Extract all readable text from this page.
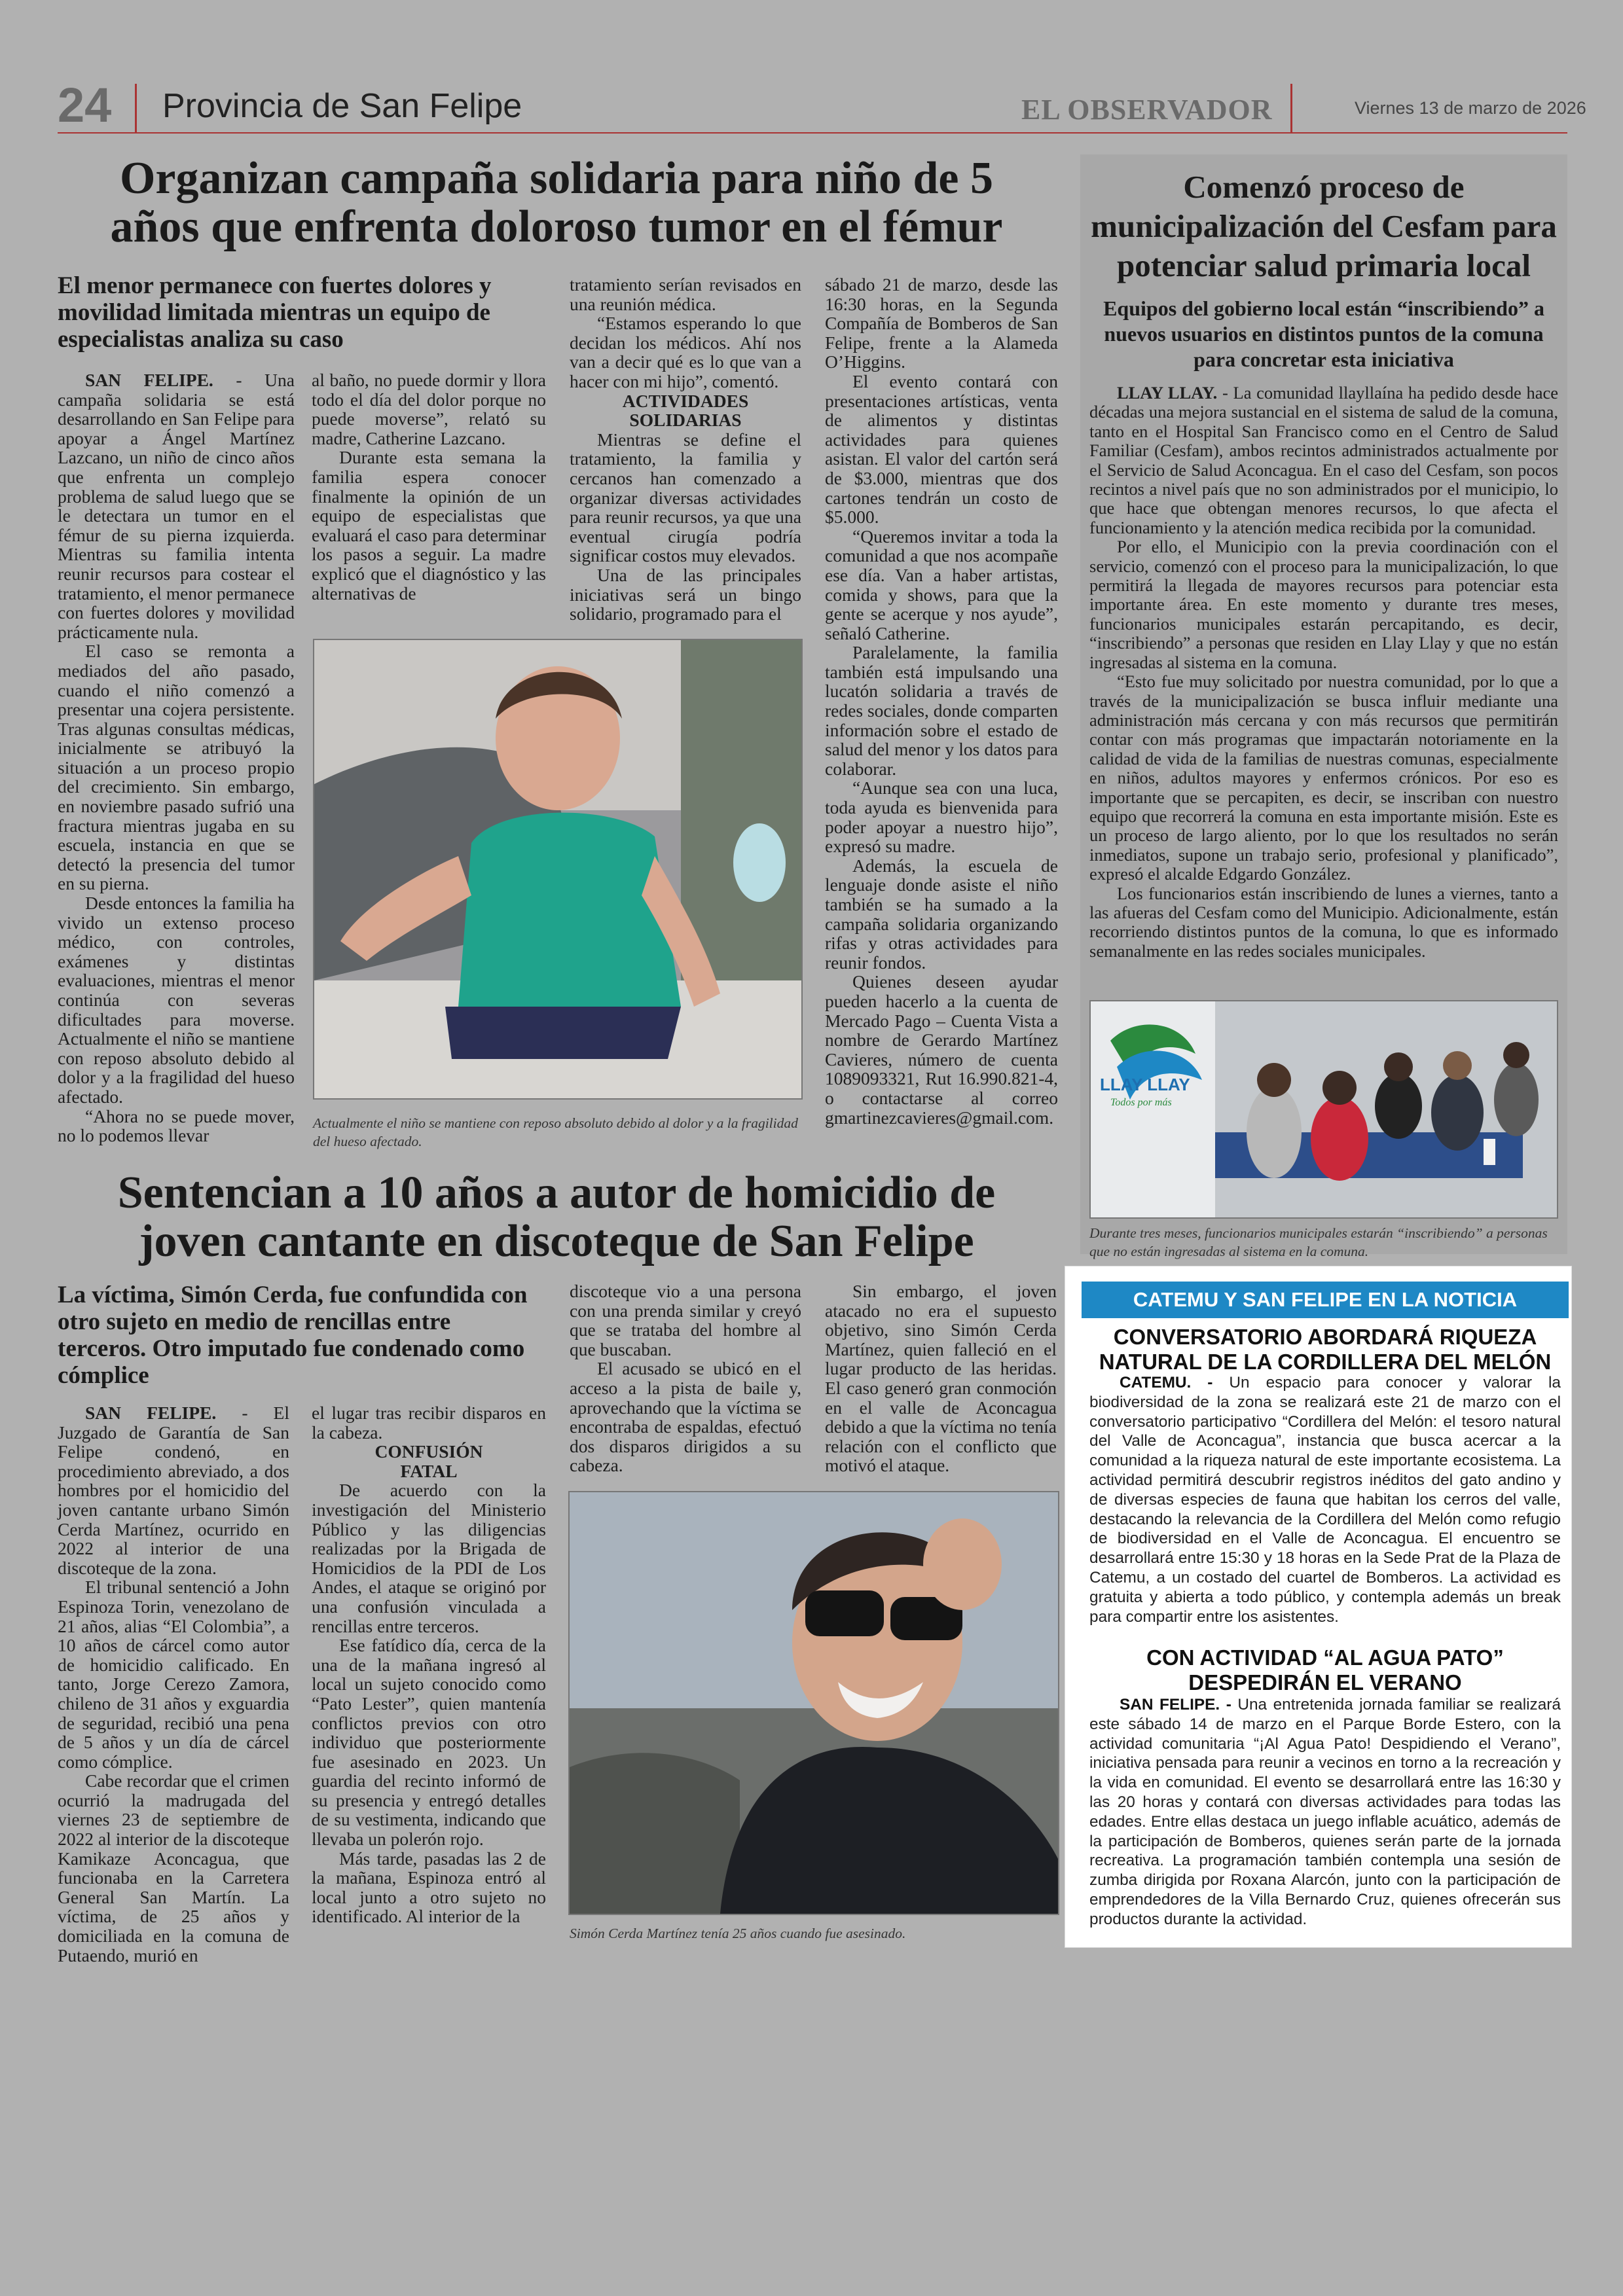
24 Provincia de San Felipe	EL OBSERVADOR	Viernes 13 de marzo de 2026
Organizan campaña solidaria para niño de 5 años que enfrenta doloroso tumor en el fémur
El menor permanece con fuertes dolores y movilidad limitada mientras un equipo de especialistas analiza su caso

SAN FELIPE. - Una campaña solidaria se está desarrollando en San Felipe para apoyar a Ángel Martínez Lazcano, un niño de cinco años que enfrenta un complejo problema de salud luego que se le detectara un tumor en el fémur de su pierna izquierda. Mientras su familia intenta reunir recursos para costear el tratamiento, el menor permanece con fuertes dolores y movilidad prácticamente nula.

El caso se remonta a mediados del año pasado, cuando el niño comenzó a presentar una cojera persistente. Tras algunas consultas médicas, inicialmente se atribuyó la situación a un proceso propio del crecimiento. Sin embargo, en noviembre pasado sufrió una fractura mientras jugaba en su escuela, instancia en que se detectó la presencia del tumor en su pierna.

Desde entonces la familia ha vivido un extenso proceso médico, con controles, exámenes y distintas evaluaciones, mientras el menor continúa con severas dificultades para moverse. Actualmente el niño se mantiene con reposo absoluto debido al dolor y a la fragilidad del hueso afectado.

“Ahora no se puede mover, no lo podemos llevar

al baño, no puede dormir y llora todo el día del dolor porque no puede moverse”, relató su madre, Catherine Lazcano.

Durante esta semana la familia espera conocer finalmente la opinión de un equipo de especialistas que evaluará el caso para determinar los pasos a seguir. La madre explicó que el diagnóstico y las alternativas de

tratamiento serían revisados en una reunión médica.

“Estamos esperando lo que decidan los médicos. Ahí nos van a decir qué es lo que van a hacer con mi hijo”, comentó.

ACTIVIDADES SOLIDARIAS

Mientras se define el tratamiento, la familia y cercanos han comenzado a organizar diversas actividades para reunir recursos, ya que una eventual cirugía podría significar costos muy elevados.

Una de las principales iniciativas será un bingo solidario, programado para el

sábado 21 de marzo, desde las 16:30 horas, en la Segunda Compañía de Bomberos de San Felipe, frente a la Alameda O’Higgins.

El evento contará con presentaciones artísticas, venta de alimentos y distintas actividades para quienes asistan. El valor del cartón será de $3.000, mientras que dos cartones tendrán un costo de $5.000.

“Queremos invitar a toda la comunidad a que nos acompañe ese día. Van a haber artistas, comida y shows, para que la gente se acerque y nos ayude”, señaló Catherine.

Paralelamente, la familia también está impulsando una lucatón solidaria a través de redes sociales, donde comparten información sobre el estado de salud del menor y los datos para colaborar.

“Aunque sea con una luca, toda ayuda es bienvenida para poder apoyar a nuestro hijo”, expresó su madre.

Además, la escuela de lenguaje donde asiste el niño también se ha sumado a la campaña solidaria organizando rifas y otras actividades para reunir fondos.

Quienes deseen ayudar pueden hacerlo a la cuenta de Mercado Pago – Cuenta Vista a nombre de Gerardo Martínez Cavieres, número de cuenta 1089093321, Rut 16.990.821-4, o contactarse al correo gmartinezcavieres@gmail.com.

Actualmente el niño se mantiene con reposo absoluto debido al dolor y a la fragilidad del hueso afectado.
Sentencian a 10 años a autor de homicidio de joven cantante en discoteque de San Felipe
La víctima, Simón Cerda, fue confundida con otro sujeto en medio de rencillas entre terceros. Otro imputado fue condenado como cómplice

SAN FELIPE. - El Juzgado de Garantía de San Felipe condenó, en procedimiento abreviado, a dos hombres por el homicidio del joven cantante urbano Simón Cerda Martínez, ocurrido en 2022 al interior de una discoteque de la zona.

El tribunal sentenció a John Espinoza Torin, venezolano de 21 años, alias “El Colombia”, a 10 años de cárcel como autor de homicidio calificado. En tanto, Jorge Cerezo Zamora, chileno de 31 años y exguardia de seguridad, recibió una pena de 5 años y un día de cárcel como cómplice.

Cabe recordar que el crimen ocurrió la madrugada del viernes 23 de septiembre de 2022 al interior de la discoteque Kamikaze Aconcagua, que funcionaba en la Carretera General San Martín. La víctima, de 25 años y domiciliada en la comuna de Putaendo, murió en

el lugar tras recibir disparos en la cabeza.

CONFUSIÓN FATAL

De acuerdo con la investigación del Ministerio Público y las diligencias realizadas por la Brigada de Homicidios de la PDI de Los Andes, el ataque se originó por una confusión vinculada a rencillas entre terceros.

Ese fatídico día, cerca de la una de la mañana ingresó al local un sujeto conocido como “Pato Lester”, quien mantenía conflictos previos con otro individuo que posteriormente fue asesinado en 2023. Un guardia del recinto informó de su presencia y entregó detalles de su vestimenta, indicando que llevaba un polerón rojo.

Más tarde, pasadas las 2 de la mañana, Espinoza entró al local junto a otro sujeto no identificado. Al interior de la

discoteque vio a una persona con una prenda similar y creyó que se trataba del hombre al que buscaban.

El acusado se ubicó en el acceso a la pista de baile y, aprovechando que la víctima se encontraba de espaldas, efectuó dos disparos dirigidos a su cabeza.

Sin embargo, el joven atacado no era el supuesto objetivo, sino Simón Cerda Martínez, quien falleció en el lugar producto de las heridas. El caso generó gran conmoción en el valle de Aconcagua debido a que la víctima no tenía relación con el conflicto que motivó el ataque.

Simón Cerda Martínez tenía 25 años cuando fue asesinado.
Comenzó proceso de municipalización del Cesfam para potenciar salud primaria local
Equipos del gobierno local están “inscribiendo” a nuevos usuarios en distintos puntos de la comuna para concretar esta iniciativa

LLAY LLAY. - La comunidad llayllaína ha pedido desde hace décadas una mejora sustancial en el sistema de salud de la comuna, tanto en el Hospital San Francisco como en el Centro de Salud Familiar (Cesfam), ambos recintos administrados actualmente por el Servicio de Salud Aconcagua. En el caso del Cesfam, son pocos recintos a nivel país que no son administrados por el municipio, lo que hace que obtengan menores recursos, lo que afecta el funcionamiento y la atención medica recibida por la comunidad.

Por ello, el Municipio con la previa coordinación con el servicio, comenzó con el proceso para la municipalización, lo que permitirá la llegada de mayores recursos para potenciar esta importante área. En este momento y durante tres meses, funcionarios municipales estarán percapitando, es decir, “inscribiendo” a personas que residen en Llay Llay y que no están ingresadas al sistema en la comuna.

“Esto fue muy solicitado por nuestra comunidad, por lo que a través de la municipalización se busca influir mediante una administración más cercana y con más recursos que permitirán contar con más programas que impactarán notoriamente en la calidad de vida de la familias de nuestras comunas, especialmente en niños, adultos mayores y enfermos crónicos. Por eso es importante que se percapiten, es decir, se inscriban con nuestro equipo que recorrerá la comuna en esta importante misión. Este es un proceso de largo aliento, por lo que los resultados no serán inmediatos, supone un trabajo serio, profesional y planificado”, expresó el alcalde Edgardo González.

Los funcionarios están inscribiendo de lunes a viernes, tanto a las afueras del Cesfam como del Municipio. Adicionalmente, están recorriendo distintos puntos de la comuna, lo que es informado semanalmente en las redes sociales municipales.

LLAY LLAY
Todos por más
Durante tres meses, funcionarios municipales estarán “inscribiendo” a personas que no están ingresadas al sistema en la comuna.
CATEMU Y SAN FELIPE EN LA NOTICIA
CONVERSATORIO ABORDARÁ RIQUEZA NATURAL DE LA CORDILLERA DEL MELÓN

CATEMU. - Un espacio para conocer y valorar la biodiversidad de la zona se realizará este 21 de marzo con el conversatorio participativo “Cordillera del Melón: el tesoro natural del Valle de Aconcagua”, instancia que busca acercar a la comunidad a la riqueza natural de este importante ecosistema. La actividad permitirá descubrir registros inéditos del gato andino y de diversas especies de fauna que habitan los cerros del valle, destacando la relevancia de la Cordillera del Melón como refugio de biodiversidad en el Valle de Aconcagua. El encuentro se desarrollará entre 15:30 y 18 horas en la Sede Prat de la Plaza de Catemu, a un costado del cuartel de Bomberos. La actividad es gratuita y abierta a todo público, y contempla además un break para compartir entre los asistentes.

CON ACTIVIDAD “AL AGUA PATO” DESPEDIRÁN EL VERANO

SAN FELIPE. - Una entretenida jornada familiar se realizará este sábado 14 de marzo en el Parque Borde Estero, con la actividad comunitaria “¡Al Agua Pato! Despidiendo el Verano”, iniciativa pensada para reunir a vecinos en torno a la recreación y la vida en comunidad. El evento se desarrollará entre las 16:30 y las 20 horas y contará con diversas actividades para todas las edades. Entre ellas destaca un juego inflable acuático, además de la participación de Bomberos, quienes serán parte de la jornada recreativa. La programación también contempla una sesión de zumba dirigida por Roxana Alarcón, junto con la participación de emprendedores de la Villa Bernardo Cruz, quienes ofrecerán sus productos durante la actividad.
